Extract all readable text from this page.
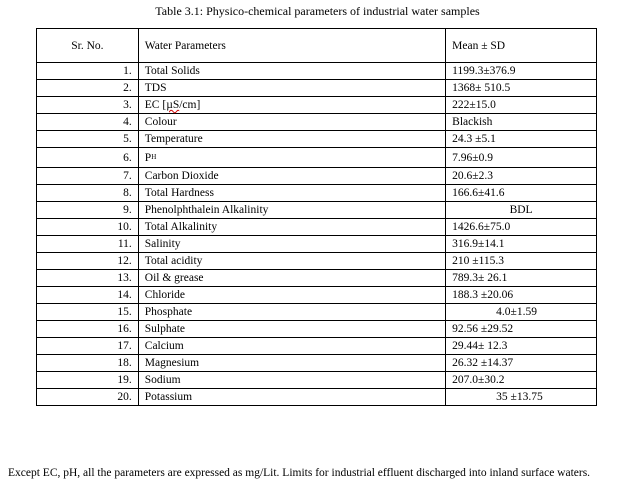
Table 3.1: Physico-chemical parameters of industrial water samples
Sr. No.	Water Parameters	Mean ± SD
1.	Total Solids	1199.3±376.9
2.	TDS	1368± 510.5
3.	EC [µS/cm]	222±15.0
4.	Colour	Blackish
5.	Temperature	24.3 ±5.1
6.	$P^H$	7.96±0.9
7.	Carbon Dioxide	20.6±2.3
8.	Total Hardness	166.6±41.6
9.	Phenolphthalein Alkalinity	BDL
10.	Total Alkalinity	1426.6±75.0
11.	Salinity	316.9±14.1
12.	Total acidity	210 ±115.3
13.	Oil & grease	789.3± 26.1
14.	Chloride	188.3 ±20.06
15.	Phosphate	4.0±1.59
16.	Sulphate	92.56 ±29.52
17.	Calcium	29.44± 12.3
18.	Magnesium	26.32 ±14.37
19.	Sodium	207.0±30.2
20.	Potassium	35 ±13.75
Except EC, pH, all the parameters are expressed as mg/Lit. Limits for industrial effluent discharged into inland surface waters.
